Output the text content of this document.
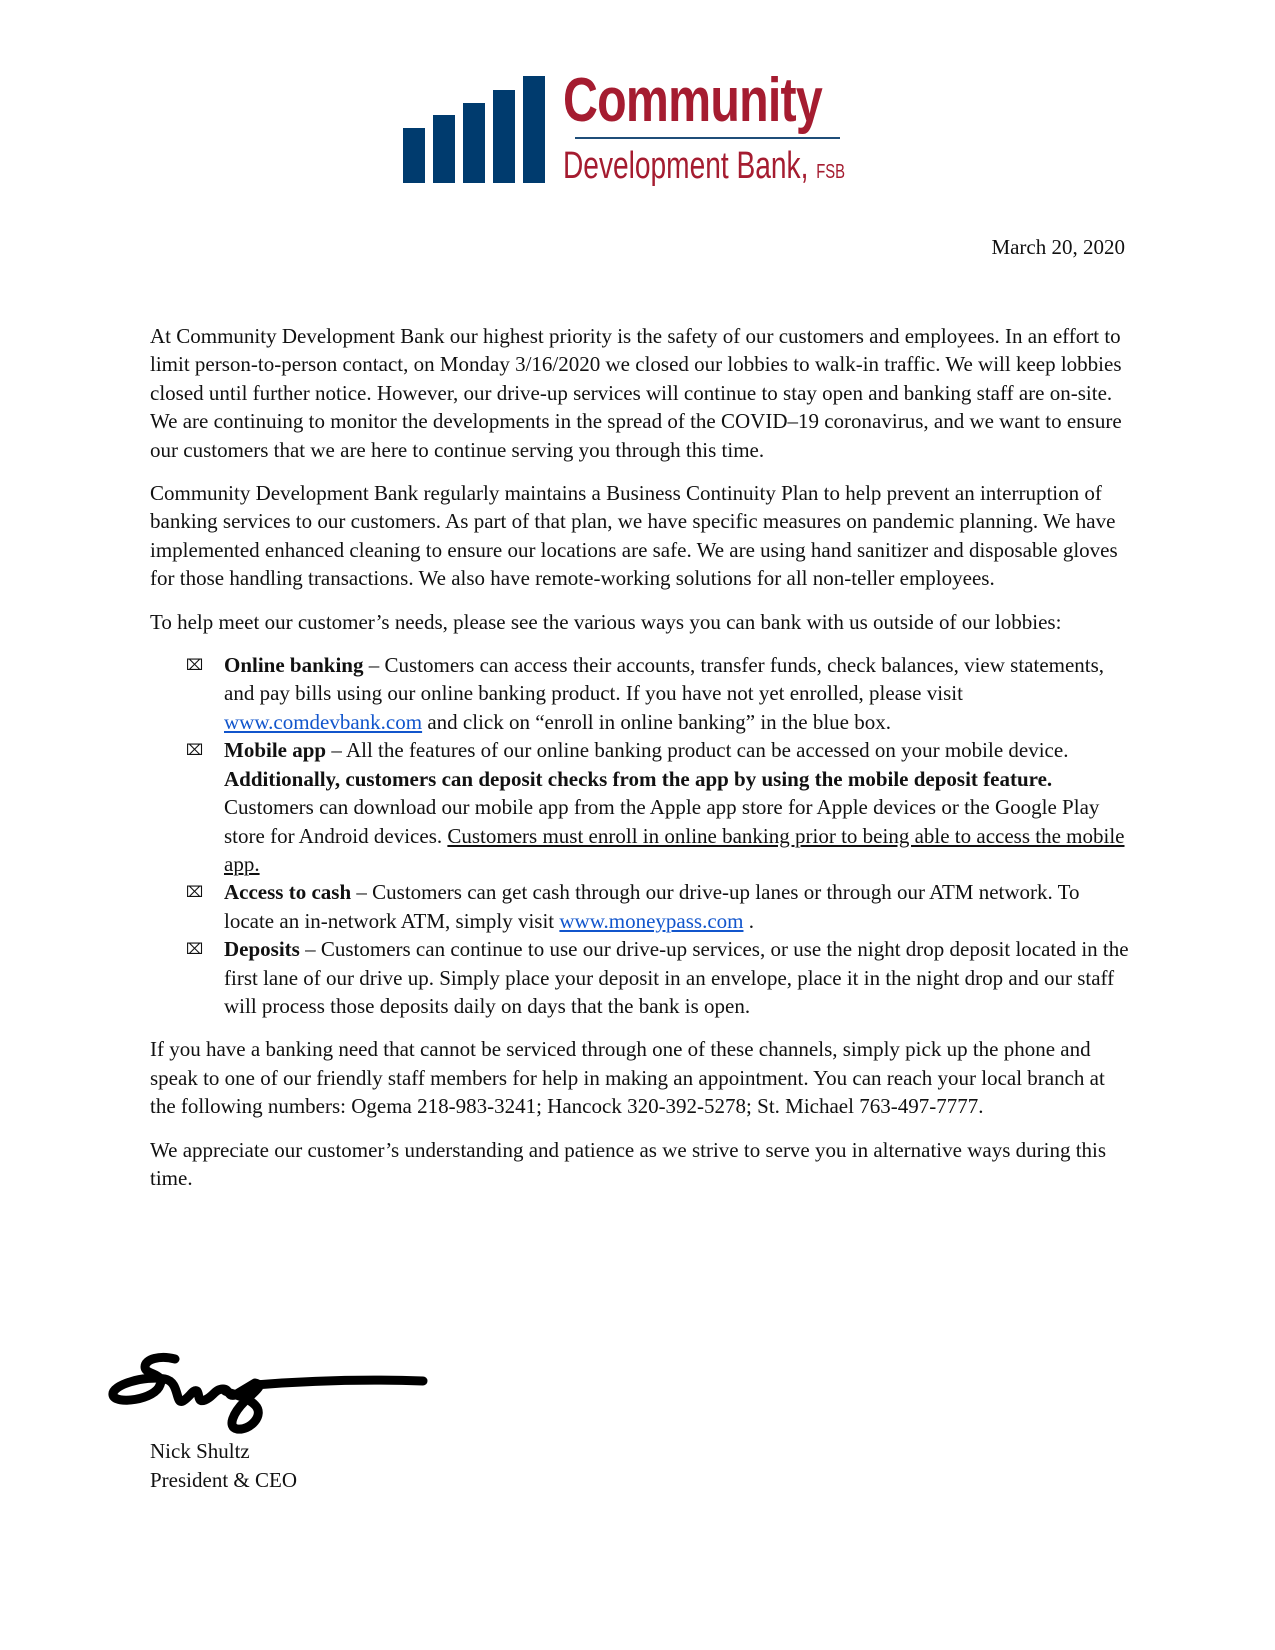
Community
Development Bank, FSB
March 20, 2020

At Community Development Bank our highest priority is the safety of our customers and employees. In an effort to limit person-to-person contact, on Monday 3/16/2020 we closed our lobbies to walk-in traffic. We will keep lobbies closed until further notice. However, our drive-up services will continue to stay open and banking staff are on-site. We are continuing to monitor the developments in the spread of the COVID–19 coronavirus, and we want to ensure our customers that we are here to continue serving you through this time.

Community Development Bank regularly maintains a Business Continuity Plan to help prevent an interruption of banking services to our customers. As part of that plan, we have specific measures on pandemic planning. We have implemented enhanced cleaning to ensure our locations are safe. We are using hand sanitizer and disposable gloves for those handling transactions. We also have remote-working solutions for all non-teller employees.

To help meet our customer’s needs, please see the various ways you can bank with us outside of our lobbies:

⌧ Online banking – Customers can access their accounts, transfer funds, check balances, view statements, and pay bills using our online banking product. If you have not yet enrolled, please visit www.comdevbank.com and click on “enroll in online banking” in the blue box.
⌧ Mobile app – All the features of our online banking product can be accessed on your mobile device. Additionally, customers can deposit checks from the app by using the mobile deposit feature. Customers can download our mobile app from the Apple app store for Apple devices or the Google Play store for Android devices. Customers must enroll in online banking prior to being able to access the mobile app.
⌧ Access to cash – Customers can get cash through our drive-up lanes or through our ATM network. To locate an in-network ATM, simply visit www.moneypass.com .
⌧ Deposits – Customers can continue to use our drive-up services, or use the night drop deposit located in the first lane of our drive up. Simply place your deposit in an envelope, place it in the night drop and our staff will process those deposits daily on days that the bank is open.

If you have a banking need that cannot be serviced through one of these channels, simply pick up the phone and speak to one of our friendly staff members for help in making an appointment. You can reach your local branch at the following numbers: Ogema 218-983-3241; Hancock 320-392-5278; St. Michael 763-497-7777.

We appreciate our customer’s understanding and patience as we strive to serve you in alternative ways during this time.

Nick Shultz
President & CEO
